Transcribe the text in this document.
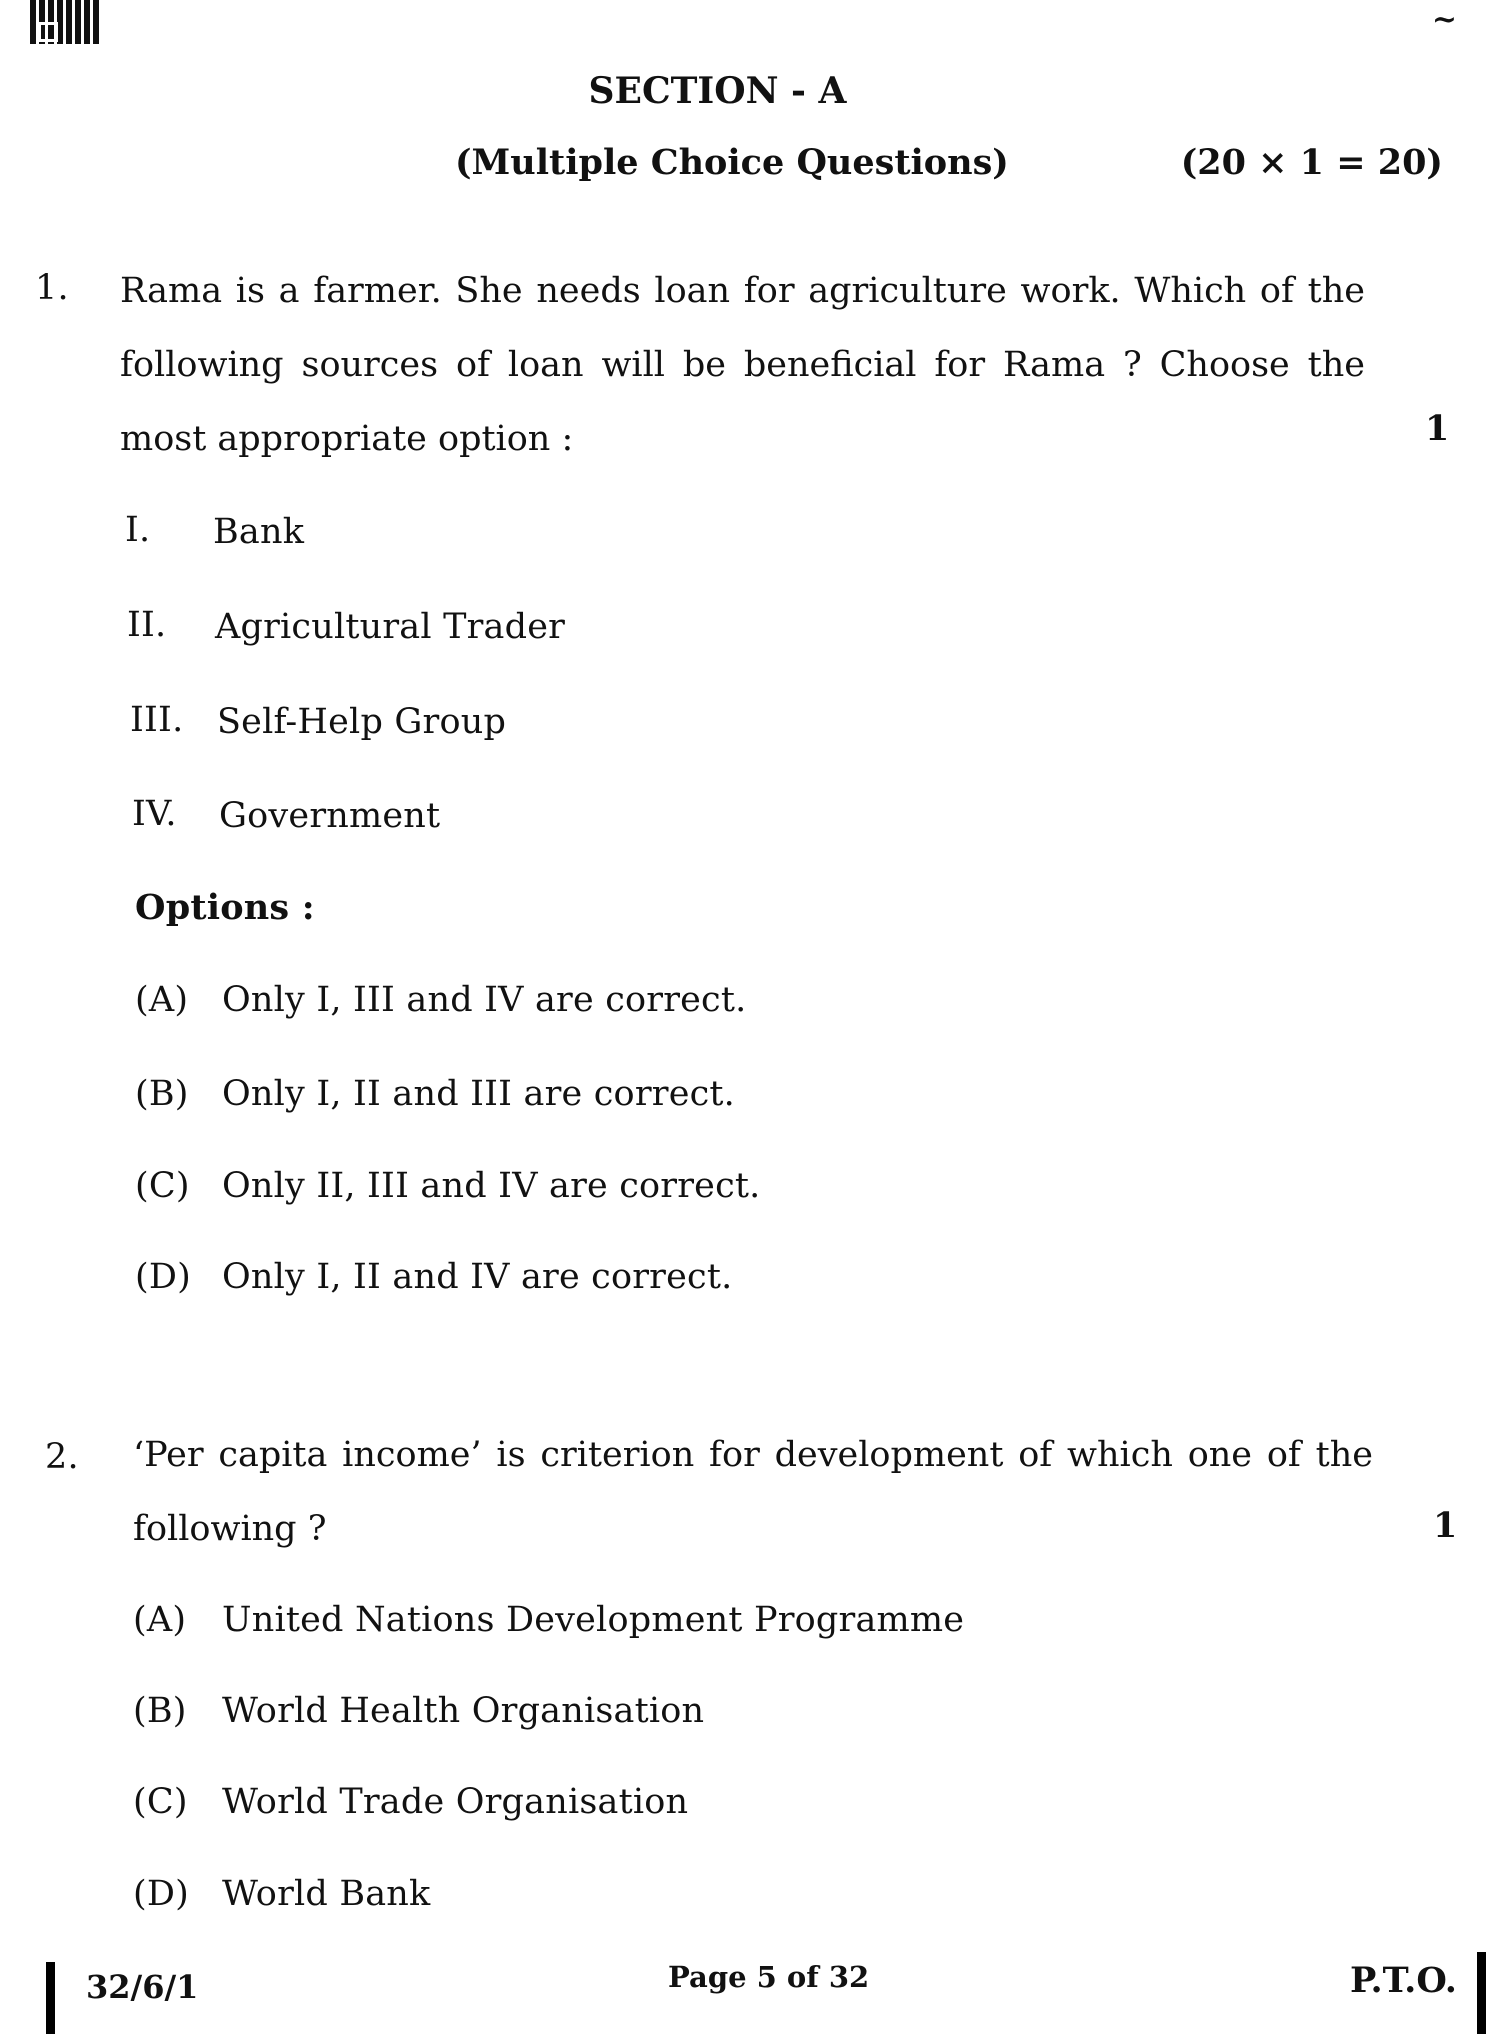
~
SECTION - A
(Multiple Choice Questions)	(20 × 1 = 20)
1. Rama is a farmer. She needs loan for agriculture work. Which of the following sources of loan will be beneficial for Rama ? Choose the most appropriate option :	1
I. Bank
II. Agricultural Trader
III. Self-Help Group
IV. Government
Options :
(A) Only I, III and IV are correct.
(B) Only I, II and III are correct.
(C) Only II, III and IV are correct.
(D) Only I, II and IV are correct.
2. ‘Per capita income’ is criterion for development of which one of the following ?	1
(A) United Nations Development Programme
(B) World Health Organisation
(C) World Trade Organisation
(D) World Bank
32/6/1	Page 5 of 32	P.T.O.
